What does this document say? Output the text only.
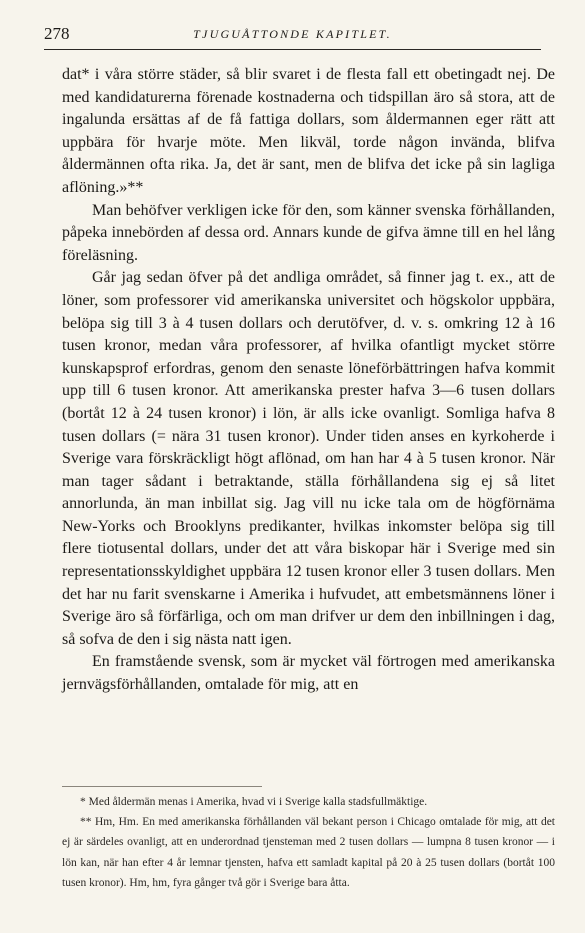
278	TJUGUÅTTONDE KAPITLET.

dat* i våra större städer, så blir svaret i de flesta fall ett obetingadt nej. De med kandidaturerna förenade kostnaderna och tidspillan äro så stora, att de ingalunda ersättas af de få fattiga dollars, som åldermannen eger rätt att uppbära för hvarje möte. Men likväl, torde någon invända, blifva åldermännen ofta rika. Ja, det är sant, men de blifva det icke på sin lagliga aflöning.»**

Man behöfver verkligen icke för den, som känner svenska förhållanden, påpeka innebörden af dessa ord. Annars kunde de gifva ämne till en hel lång föreläsning.

Går jag sedan öfver på det andliga området, så finner jag t. ex., att de löner, som professorer vid amerikanska universitet och högskolor uppbära, belöpa sig till 3 à 4 tusen dollars och derutöfver, d. v. s. omkring 12 à 16 tusen kronor, medan våra professorer, af hvilka ofantligt mycket större kunskapsprof erfordras, genom den senaste löneförbättringen hafva kommit upp till 6 tusen kronor. Att amerikanska prester hafva 3—6 tusen dollars (bortåt 12 à 24 tusen kronor) i lön, är alls icke ovanligt. Somliga hafva 8 tusen dollars (= nära 31 tusen kronor). Under tiden anses en kyrkoherde i Sverige vara förskräckligt högt aflönad, om han har 4 à 5 tusen kronor. När man tager sådant i betraktande, ställa förhållandena sig ej så litet annorlunda, än man inbillat sig. Jag vill nu icke tala om de högförnäma New-Yorks och Brooklyns predikanter, hvilkas inkomster belöpa sig till flere tiotusental dollars, under det att våra biskopar här i Sverige med sin representationsskyldighet uppbära 12 tusen kronor eller 3 tusen dollars. Men det har nu farit svenskarne i Amerika i hufvudet, att embetsmännens löner i Sverige äro så förfärliga, och om man drifver ur dem den inbillningen i dag, så sofva de den i sig nästa natt igen.

En framstående svensk, som är mycket väl förtrogen med amerikanska jernvägsförhållanden, omtalade för mig, att en

* Med åldermän menas i Amerika, hvad vi i Sverige kalla stadsfullmäktige.

** Hm, Hm. En med amerikanska förhållanden väl bekant person i Chicago omtalade för mig, att det ej är särdeles ovanligt, att en underordnad tjensteman med 2 tusen dollars — lumpna 8 tusen kronor — i lön kan, när han efter 4 år lemnar tjensten, hafva ett samladt kapital på 20 à 25 tusen dollars (bortåt 100 tusen kronor). Hm, hm, fyra gånger två gör i Sverige bara åtta.
